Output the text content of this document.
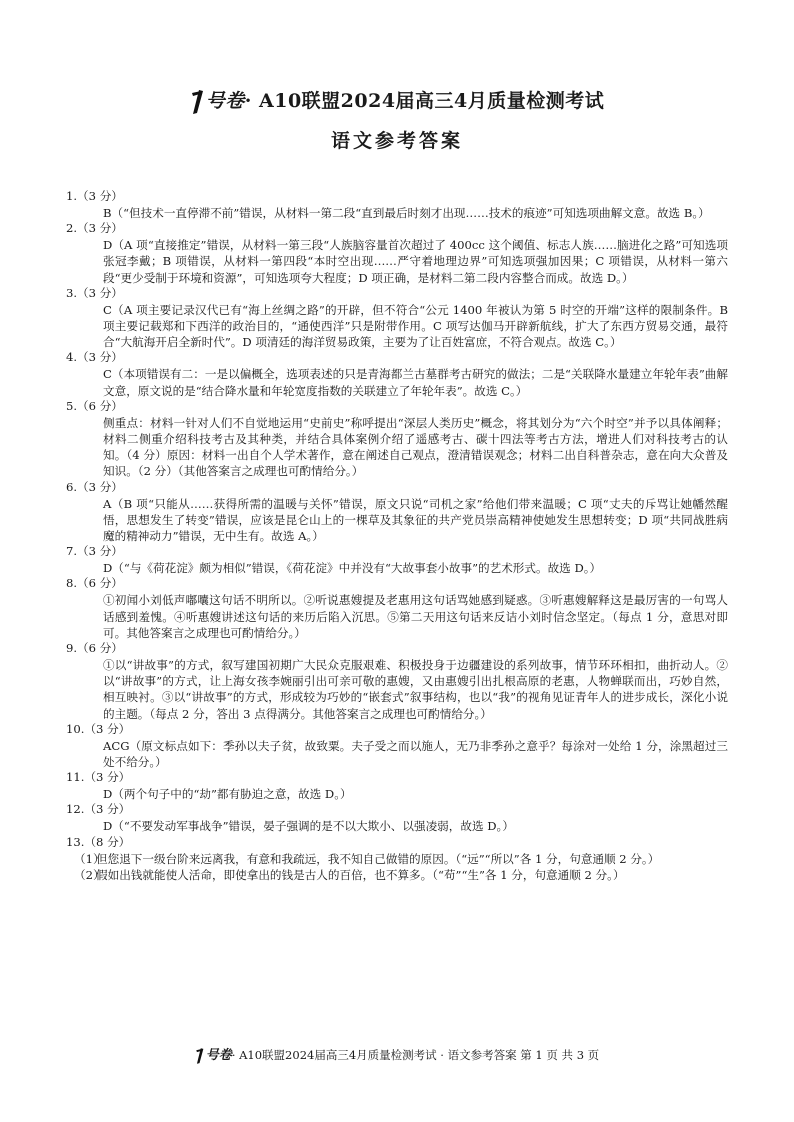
号卷· A10联盟2024届高三4月质量检测考试
语文参考答案
1.（3 分）

B（“但技术一直停滞不前”错误，从材料一第二段“直到最后时刻才出现……技术的痕迹”可知选项曲解文意。故选 B。）

2.（3 分）

D（A 项“直接推定”错误，从材料一第三段“人族脑容量首次超过了 400cc 这个阈值、标志人族……脑进化之路”可知选项张冠李戴；B 项错误，从材料一第四段“本时空出现……严守着地理边界”可知选项强加因果；C 项错误，从材料一第六段“更少受制于环境和资源”，可知选项夸大程度；D 项正确，是材料二第二段内容整合而成。故选 D。）

3.（3 分）

C（A 项主要记录汉代已有“海上丝绸之路”的开辟，但不符合“公元 1400 年被认为第 5 时空的开端”这样的限制条件。B 项主要记载郑和下西洋的政治目的，“通使西洋”只是附带作用。C 项写达伽马开辟新航线，扩大了东西方贸易交通，最符合“大航海开启全新时代”。D 项清廷的海洋贸易政策，主要为了让百姓富庶，不符合观点。故选 C。）

4.（3 分）

C（本项错误有二：一是以偏概全，选项表述的只是青海都兰古墓群考古研究的做法；二是“关联降水量建立年轮年表”曲解文意，原文说的是“结合降水量和年轮宽度指数的关联建立了年轮年表”。故选 C。）

5.（6 分）

侧重点：材料一针对人们不自觉地运用“史前史”称呼提出“深层人类历史”概念，将其划分为“六个时空”并予以具体阐释；材料二侧重介绍科技考古及其种类，并结合具体案例介绍了遥感考古、碳十四法等考古方法，增进人们对科技考古的认知。（4 分）原因：材料一出自个人学术著作，意在阐述自己观点，澄清错误观念；材料二出自科普杂志，意在向大众普及知识。（2 分）（其他答案言之成理也可酌情给分。）

6.（3 分）

A（B 项“只能从……获得所需的温暖与关怀”错误，原文只说“司机之家”给他们带来温暖；C 项“丈夫的斥骂让她幡然醒悟，思想发生了转变”错误，应该是昆仑山上的一棵草及其象征的共产党员崇高精神使她发生思想转变；D 项“共同战胜病魔的精神动力”错误，无中生有。故选 A。）

7.（3 分）

D（“与《荷花淀》颇为相似”错误，《荷花淀》中并没有“大故事套小故事”的艺术形式。故选 D。）

8.（6 分）

①初闻小刘低声嘟囔这句话不明所以。②听说惠嫂提及老惠用这句话骂她感到疑惑。③听惠嫂解释这是最厉害的一句骂人话感到羞愧。④听惠嫂讲述这句话的来历后陷入沉思。⑤第二天用这句话来反诘小刘时信念坚定。（每点 1 分，意思对即可。其他答案言之成理也可酌情给分。）

9.（6 分）

①以“讲故事”的方式，叙写建国初期广大民众克服艰难、积极投身于边疆建设的系列故事，情节环环相扣，曲折动人。②以“讲故事”的方式，让上海女孩李婉丽引出可亲可敬的惠嫂，又由惠嫂引出扎根高原的老惠，人物蝉联而出，巧妙自然，相互映衬。③以“讲故事”的方式，形成较为巧妙的“嵌套式”叙事结构，也以“我”的视角见证青年人的进步成长，深化小说的主题。（每点 2 分，答出 3 点得满分。其他答案言之成理也可酌情给分。）

10.（3 分）

ACG（原文标点如下：季孙以夫子贫，故致粟。夫子受之而以施人，无乃非季孙之意乎？每涂对一处给 1 分，涂黑超过三处不给分。）

11.（3 分）

D（两个句子中的“劫”都有胁迫之意，故选 D。）

12.（3 分）

D（“不要发动军事战争”错误，晏子强调的是不以大欺小、以强凌弱，故选 D。）

13.（8 分）

（1）但您退下一级台阶来远离我，有意和我疏远，我不知自己做错的原因。（“远”“所以”各 1 分，句意通顺 2 分。）

（2）假如出钱就能使人活命，即使拿出的钱是古人的百倍，也不算多。（“苟”“生”各 1 分，句意通顺 2 分。）

号卷· A10联盟2024届高三4月质量检测考试 · 语文参考答案 第 1 页 共 3 页
